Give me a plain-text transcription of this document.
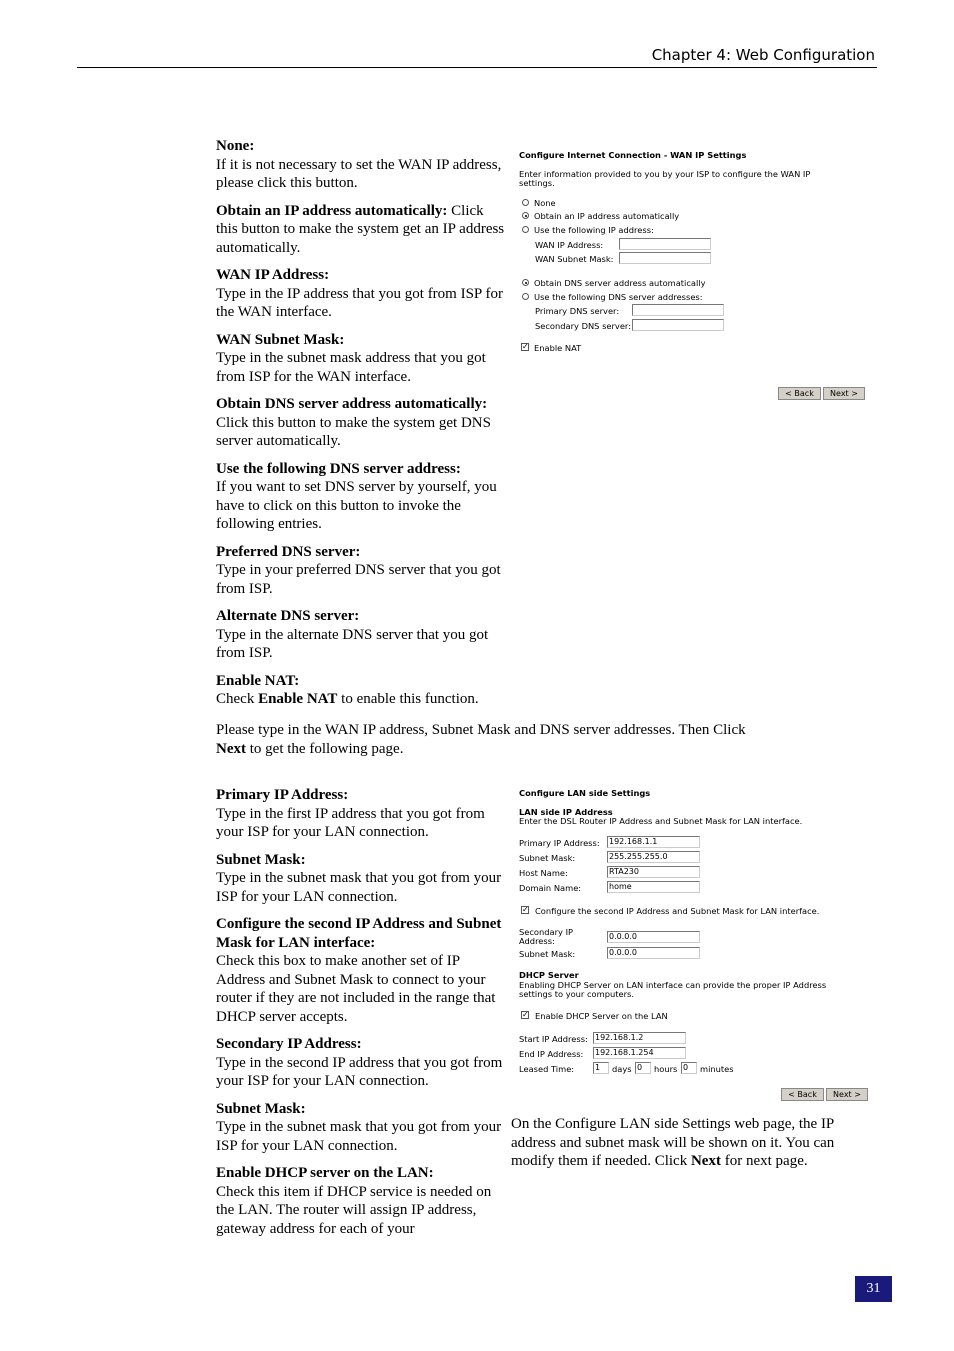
Chapter 4: Web Configuration
None:

If it is not necessary to set the WAN IP address, please click this button.

Obtain an IP address automatically: Click this button to make the system get an IP address automatically.

WAN IP Address:

Type in the IP address that you got from ISP for the WAN interface.

WAN Subnet Mask:

Type in the subnet mask address that you got from ISP for the WAN interface.

Obtain DNS server address automatically:

Click this button to make the system get DNS server automatically.

Use the following DNS server address:

If you want to set DNS server by yourself, you have to click on this button to invoke the following entries.

Preferred DNS server:

Type in your preferred DNS server that you got from ISP.

Alternate DNS server:

Type in the alternate DNS server that you got from ISP.

Enable NAT:

Check Enable NAT to enable this function.

Please type in the WAN IP address, Subnet Mask and DNS server addresses. Then Click

Next to get the following page.

Configure Internet Connection - WAN IP Settings
Enter information provided to you by your ISP to configure the WAN IP
settings.
None
Obtain an IP address automatically
Use the following IP address:
WAN IP Address:
WAN Subnet Mask:
Obtain DNS server address automatically
Use the following DNS server addresses:
Primary DNS server:
Secondary DNS server:
✓ Enable NAT
< Back	Next >
Primary IP Address:

Type in the first IP address that you got from your ISP for your LAN connection.

Subnet Mask:

Type in the subnet mask that you got from your ISP for your LAN connection.

Configure the second IP Address and Subnet Mask for LAN interface:

Check this box to make another set of IP Address and Subnet Mask to connect to your router if they are not included in the range that DHCP server accepts.

Secondary IP Address:

Type in the second IP address that you got from your ISP for your LAN connection.

Subnet Mask:

Type in the subnet mask that you got from your ISP for your LAN connection.

Enable DHCP server on the LAN:

Check this item if DHCP service is needed on the LAN. The router will assign IP address, gateway address for each of your

Configure LAN side Settings
LAN side IP Address
Enter the DSL Router IP Address and Subnet Mask for LAN interface.
Primary IP Address: 192.168.1.1
Subnet Mask:	255.255.255.0
Host Name:	RTA230
Domain Name:	home
✓ Configure the second IP Address and Subnet Mask for LAN interface.
Secondary IP
Address:	0.0.0.0
Subnet Mask:	0.0.0.0
DHCP Server
Enabling DHCP Server on LAN interface can provide the proper IP Address
settings to your computers.
✓ Enable DHCP Server on the LAN
Start IP Address: 192.168.1.2
End IP Address: 192.168.1.254
Leased Time:	1	days 0	hours 0	minutes
< Back	Next >

On the Configure LAN side Settings web page, the IP address and subnet mask will be shown on it. You can modify them if needed. Click Next for next page.

31
